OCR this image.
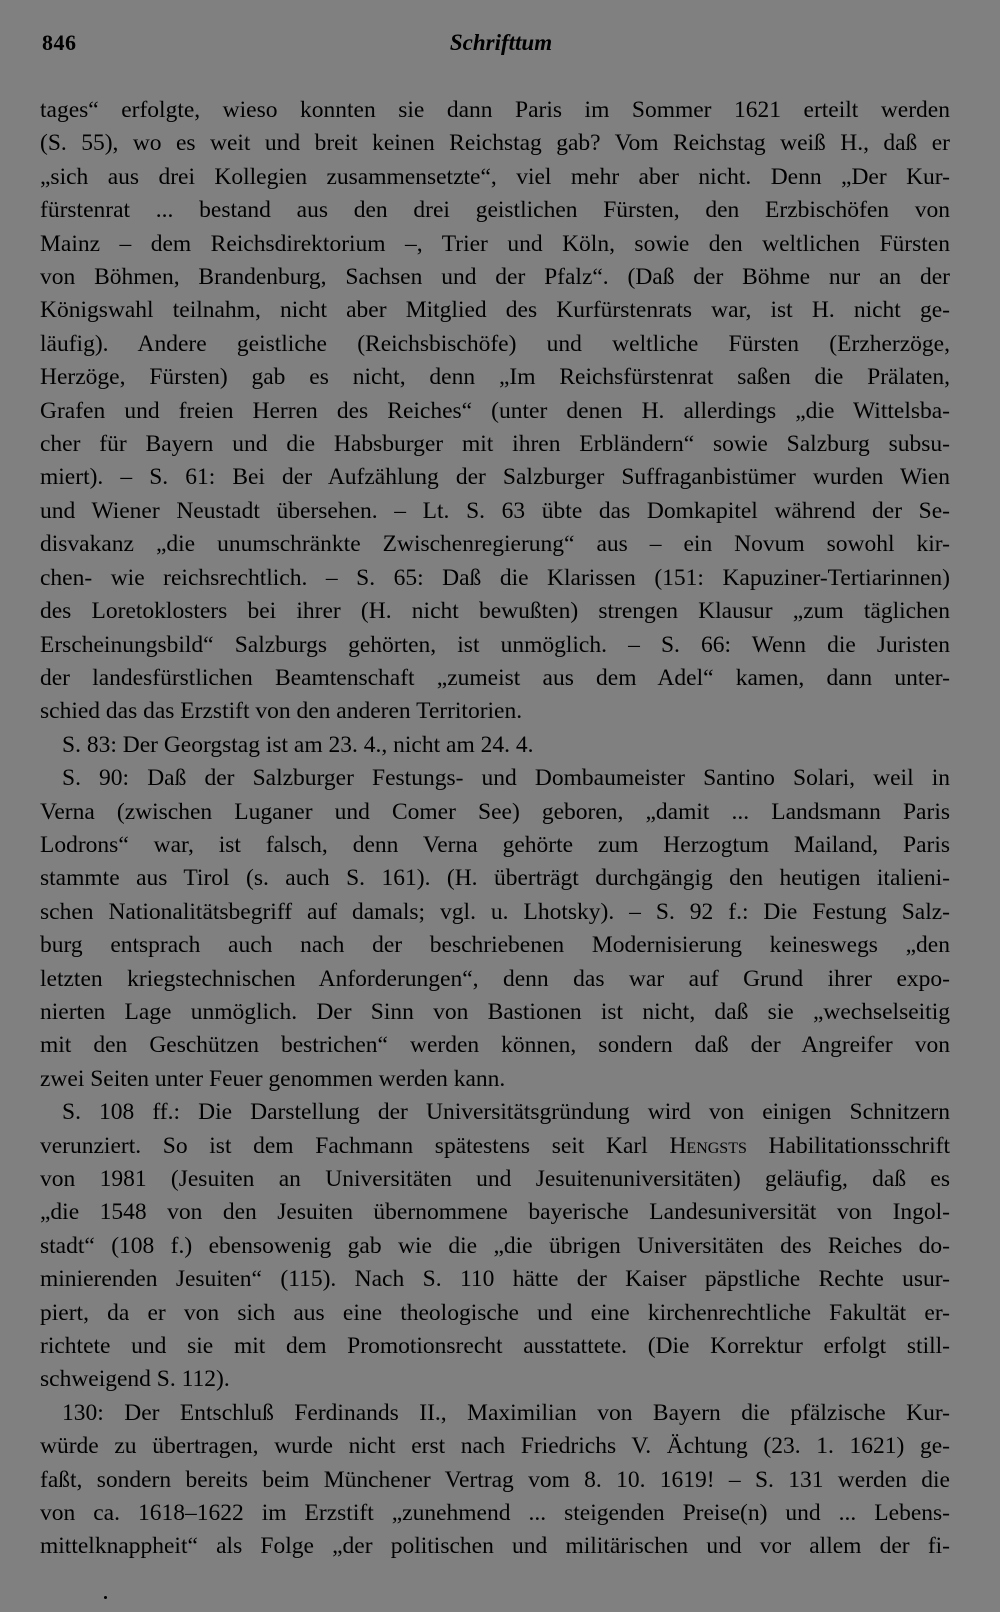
846	Schrifttum
tages“ erfolgte, wieso konnten sie dann Paris im Sommer 1621 erteilt werden
(S. 55), wo es weit und breit keinen Reichstag gab? Vom Reichstag weiß H., daß er
„sich aus drei Kollegien zusammensetzte“, viel mehr aber nicht. Denn „Der Kur-
fürstenrat ... bestand aus den drei geistlichen Fürsten, den Erzbischöfen von
Mainz – dem Reichsdirektorium –, Trier und Köln, sowie den weltlichen Fürsten
von Böhmen, Brandenburg, Sachsen und der Pfalz“. (Daß der Böhme nur an der
Königswahl teilnahm, nicht aber Mitglied des Kurfürstenrats war, ist H. nicht ge-
läufig). Andere geistliche (Reichsbischöfe) und weltliche Fürsten (Erzherzöge,
Herzöge, Fürsten) gab es nicht, denn „Im Reichsfürstenrat saßen die Prälaten,
Grafen und freien Herren des Reiches“ (unter denen H. allerdings „die Wittelsba-
cher für Bayern und die Habsburger mit ihren Erbländern“ sowie Salzburg subsu-
miert). – S. 61: Bei der Aufzählung der Salzburger Suffraganbistümer wurden Wien
und Wiener Neustadt übersehen. – Lt. S. 63 übte das Domkapitel während der Se-
disvakanz „die unumschränkte Zwischenregierung“ aus – ein Novum sowohl kir-
chen- wie reichsrechtlich. – S. 65: Daß die Klarissen (151: Kapuziner-Tertiarinnen)
des Loretoklosters bei ihrer (H. nicht bewußten) strengen Klausur „zum täglichen
Erscheinungsbild“ Salzburgs gehörten, ist unmöglich. – S. 66: Wenn die Juristen
der landesfürstlichen Beamtenschaft „zumeist aus dem Adel“ kamen, dann unter-
schied das das Erzstift von den anderen Territorien.
S. 83: Der Georgstag ist am 23. 4., nicht am 24. 4.
S. 90: Daß der Salzburger Festungs- und Dombaumeister Santino Solari, weil in
Verna (zwischen Luganer und Comer See) geboren, „damit ... Landsmann Paris
Lodrons“ war, ist falsch, denn Verna gehörte zum Herzogtum Mailand, Paris
stammte aus Tirol (s. auch S. 161). (H. überträgt durchgängig den heutigen italieni-
schen Nationalitätsbegriff auf damals; vgl. u. Lhotsky). – S. 92 f.: Die Festung Salz-
burg entsprach auch nach der beschriebenen Modernisierung keineswegs „den
letzten kriegstechnischen Anforderungen“, denn das war auf Grund ihrer expo-
nierten Lage unmöglich. Der Sinn von Bastionen ist nicht, daß sie „wechselseitig
mit den Geschützen bestrichen“ werden können, sondern daß der Angreifer von
zwei Seiten unter Feuer genommen werden kann.
S. 108 ff.: Die Darstellung der Universitätsgründung wird von einigen Schnitzern
verunziert. So ist dem Fachmann spätestens seit Karl Hengsts Habilitationsschrift
von 1981 (Jesuiten an Universitäten und Jesuitenuniversitäten) geläufig, daß es
„die 1548 von den Jesuiten übernommene bayerische Landesuniversität von Ingol-
stadt“ (108 f.) ebensowenig gab wie die „die übrigen Universitäten des Reiches do-
minierenden Jesuiten“ (115). Nach S. 110 hätte der Kaiser päpstliche Rechte usur-
piert, da er von sich aus eine theologische und eine kirchenrechtliche Fakultät er-
richtete und sie mit dem Promotionsrecht ausstattete. (Die Korrektur erfolgt still-
schweigend S. 112).
130: Der Entschluß Ferdinands II., Maximilian von Bayern die pfälzische Kur-
würde zu übertragen, wurde nicht erst nach Friedrichs V. Ächtung (23. 1. 1621) ge-
faßt, sondern bereits beim Münchener Vertrag vom 8. 10. 1619! – S. 131 werden die
von ca. 1618–1622 im Erzstift „zunehmend ... steigenden Preise(n) und ... Lebens-
mittelknappheit“ als Folge „der politischen und militärischen und vor allem der fi-
